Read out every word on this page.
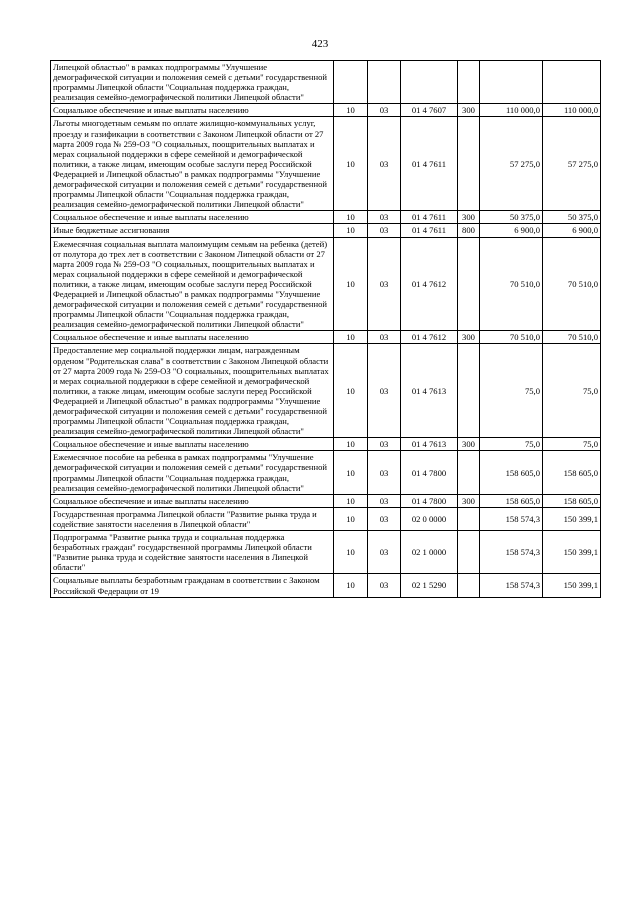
423
Липецкой областью" в рамках подпрограммы "Улучшение демографической ситуации и положения семей с детьми" государственной программы Липецкой области "Социальная поддержка граждан, реализация семейно-демографической политики Липецкой области"						
Социальное обеспечение и иные выплаты населению	10	03	01 4 7607	300	110 000,0	110 000,0
Льготы многодетным семьям по оплате жилищно-коммунальных услуг, проезду и газификации в соответствии с Законом Липецкой области от 27 марта 2009 года № 259-ОЗ "О социальных, поощрительных выплатах и мерах социальной поддержки в сфере семейной и демографической политики, а также лицам, имеющим особые заслуги перед Российской Федерацией и Липецкой областью" в рамках подпрограммы "Улучшение демографической ситуации и положения семей с детьми" государственной программы Липецкой области "Социальная поддержка граждан, реализация семейно-демографической политики Липецкой области"	10	03	01 4 7611		57 275,0	57 275,0
Социальное обеспечение и иные выплаты населению	10	03	01 4 7611	300	50 375,0	50 375,0
Иные бюджетные ассигнования	10	03	01 4 7611	800	6 900,0	6 900,0
Ежемесячная социальная выплата малоимущим семьям на ребенка (детей) от полутора до трех лет в соответствии с Законом Липецкой области от 27 марта 2009 года № 259-ОЗ "О социальных, поощрительных выплатах и мерах социальной поддержки в сфере семейной и демографической политики, а также лицам, имеющим особые заслуги перед Российской Федерацией и Липецкой областью" в рамках подпрограммы "Улучшение демографической ситуации и положения семей с детьми" государственной программы Липецкой области "Социальная поддержка граждан, реализация семейно-демографической политики Липецкой области"	10	03	01 4 7612		70 510,0	70 510,0
Социальное обеспечение и иные выплаты населению	10	03	01 4 7612	300	70 510,0	70 510,0
Предоставление мер социальной поддержки лицам, награжденным орденом "Родительская слава" в соответствии с Законом Липецкой области от 27 марта 2009 года № 259-ОЗ "О социальных, поощрительных выплатах и мерах социальной поддержки в сфере семейной и демографической политики, а также лицам, имеющим особые заслуги перед Российской Федерацией и Липецкой областью" в рамках подпрограммы "Улучшение демографической ситуации и положения семей с детьми" государственной программы Липецкой области "Социальная поддержка граждан, реализация семейно-демографической политики Липецкой области"	10	03	01 4 7613		75,0	75,0
Социальное обеспечение и иные выплаты населению	10	03	01 4 7613	300	75,0	75,0
Ежемесячное пособие на ребенка в рамках подпрограммы "Улучшение демографической ситуации и положения семей с детьми" государственной программы Липецкой области "Социальная поддержка граждан, реализация семейно-демографической политики Липецкой области"	10	03	01 4 7800		158 605,0	158 605,0
Социальное обеспечение и иные выплаты населению	10	03	01 4 7800	300	158 605,0	158 605,0
Государственная программа Липецкой области "Развитие рынка труда и содействие занятости населения в Липецкой области"	10	03	02 0 0000		158 574,3	150 399,1
Подпрограмма "Развитие рынка труда и социальная поддержка безработных граждан" государственной программы Липецкой области "Развитие рынка труда и содействие занятости населения в Липецкой области"	10	03	02 1 0000		158 574,3	150 399,1
Социальные выплаты безработным гражданам в соответствии с Законом Российской Федерации от 19	10	03	02 1 5290		158 574,3	150 399,1
